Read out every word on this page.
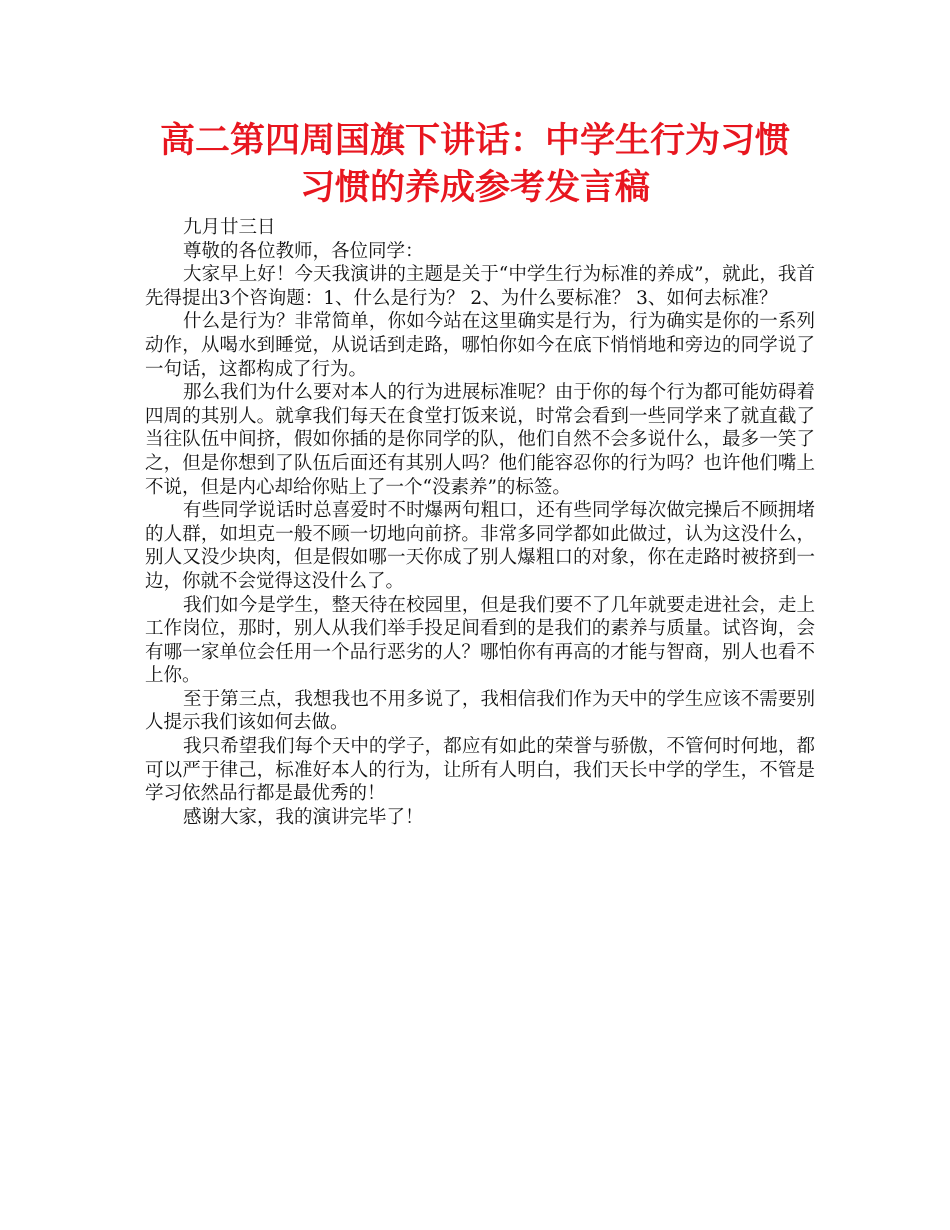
高二第四周国旗下讲话：中学生行为习惯
习惯的养成参考发言稿

九月廿三日

尊敬的各位教师，各位同学：

大家早上好！今天我演讲的主题是关于“中学生行为标准的养成”，就此，我首先得提出3个咨询题：1、什么是行为？ 2、为什么要标准？ 3、如何去标准？

什么是行为？非常简单，你如今站在这里确实是行为，行为确实是你的一系列动作，从喝水到睡觉，从说话到走路，哪怕你如今在底下悄悄地和旁边的同学说了一句话，这都构成了行为。

那么我们为什么要对本人的行为进展标准呢？由于你的每个行为都可能妨碍着四周的其别人。就拿我们每天在食堂打饭来说，时常会看到一些同学来了就直截了当往队伍中间挤，假如你插的是你同学的队，他们自然不会多说什么，最多一笑了之，但是你想到了队伍后面还有其别人吗？他们能容忍你的行为吗？也许他们嘴上不说，但是内心却给你贴上了一个“没素养”的标签。

有些同学说话时总喜爱时不时爆两句粗口，还有些同学每次做完操后不顾拥堵的人群，如坦克一般不顾一切地向前挤。非常多同学都如此做过，认为这没什么，别人又没少块肉，但是假如哪一天你成了别人爆粗口的对象，你在走路时被挤到一边，你就不会觉得这没什么了。

我们如今是学生，整天待在校园里，但是我们要不了几年就要走进社会，走上工作岗位，那时，别人从我们举手投足间看到的是我们的素养与质量。试咨询，会有哪一家单位会任用一个品行恶劣的人？哪怕你有再高的才能与智商，别人也看不上你。

至于第三点，我想我也不用多说了，我相信我们作为天中的学生应该不需要别人提示我们该如何去做。

我只希望我们每个天中的学子，都应有如此的荣誉与骄傲，不管何时何地，都可以严于律己，标准好本人的行为，让所有人明白，我们天长中学的学生，不管是学习依然品行都是最优秀的！

感谢大家，我的演讲完毕了！
